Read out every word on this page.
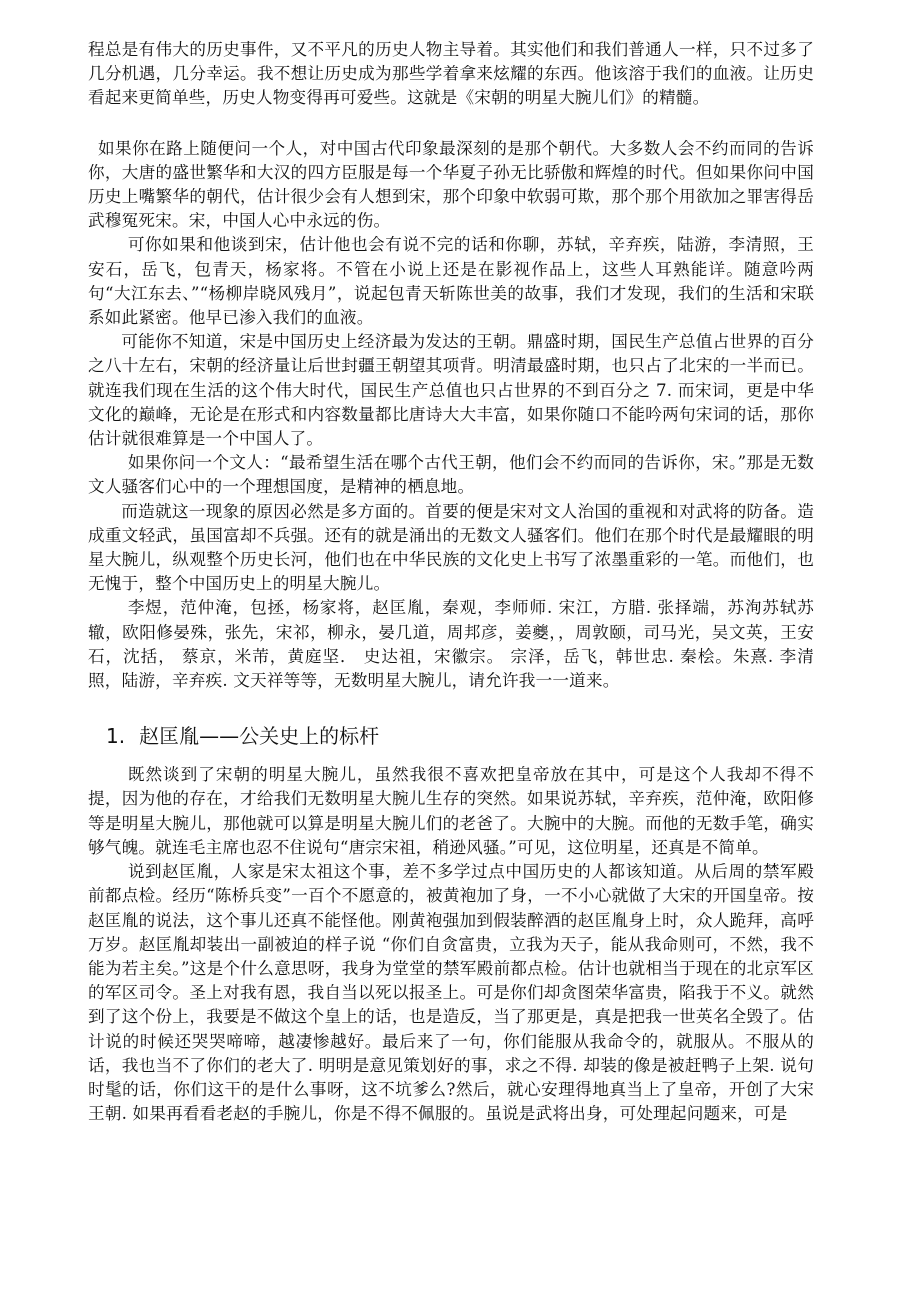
程总是有伟大的历史事件，又不平凡的历史人物主导着。其实他们和我们普通人一样，只不过多了几分机遇，几分幸运。我不想让历史成为那些学着拿来炫耀的东西。他该溶于我们的血液。让历史看起来更简单些，历史人物变得再可爱些。这就是《宋朝的明星大腕儿们》的精髓。

如果你在路上随便问一个人，对中国古代印象最深刻的是那个朝代。大多数人会不约而同的告诉你，大唐的盛世繁华和大汉的四方臣服是每一个华夏子孙无比骄傲和辉煌的时代。但如果你问中国历史上嘴繁华的朝代，估计很少会有人想到宋，那个印象中软弱可欺，那个那个用欲加之罪害得岳武穆冤死宋。宋，中国人心中永远的伤。

可你如果和他谈到宋，估计他也会有说不完的话和你聊，苏轼，辛弃疾，陆游，李清照，王安石，岳飞，包青天，杨家将。不管在小说上还是在影视作品上，这些人耳熟能详。随意吟两句“大江东去、”“杨柳岸晓风残月”，说起包青天斩陈世美的故事，我们才发现，我们的生活和宋联系如此紧密。他早已渗入我们的血液。

可能你不知道，宋是中国历史上经济最为发达的王朝。鼎盛时期，国民生产总值占世界的百分之八十左右，宋朝的经济量让后世封疆王朝望其项背。明清最盛时期，也只占了北宋的一半而已。就连我们现在生活的这个伟大时代，国民生产总值也只占世界的不到百分之 7. 而宋词，更是中华文化的巅峰，无论是在形式和内容数量都比唐诗大大丰富，如果你随口不能吟两句宋词的话，那你估计就很难算是一个中国人了。

如果你问一个文人：“最希望生活在哪个古代王朝，他们会不约而同的告诉你，宋。”那是无数文人骚客们心中的一个理想国度，是精神的栖息地。

而造就这一现象的原因必然是多方面的。首要的便是宋对文人治国的重视和对武将的防备。造成重文轻武，虽国富却不兵强。还有的就是涌出的无数文人骚客们。他们在那个时代是最耀眼的明星大腕儿，纵观整个历史长河，他们也在中华民族的文化史上书写了浓墨重彩的一笔。而他们，也无愧于，整个中国历史上的明星大腕儿。

李煜，范仲淹，包拯，杨家将，赵匡胤，秦观，李师师. 宋江，方腊. 张择端，苏洵苏轼苏辙，欧阳修晏殊，张先，宋祁，柳永，晏几道，周邦彦，姜夔，，周敦颐，司马光，吴文英，王安石，沈括， 蔡京，米芾，黄庭坚． 史达祖，宋徽宗。 宗泽，岳飞，韩世忠. 秦桧。朱熹. 李清照，陆游，辛弃疾. 文天祥等等，无数明星大腕儿，请允许我一一道来。

1. 赵匡胤——公关史上的标杆

既然谈到了宋朝的明星大腕儿，虽然我很不喜欢把皇帝放在其中，可是这个人我却不得不提，因为他的存在，才给我们无数明星大腕儿生存的突然。如果说苏轼，辛弃疾，范仲淹，欧阳修等是明星大腕儿，那他就可以算是明星大腕儿们的老爸了。大腕中的大腕。而他的无数手笔，确实够气魄。就连毛主席也忍不住说句“唐宗宋祖，稍逊风骚。”可见，这位明星，还真是不简单。

说到赵匡胤，人家是宋太祖这个事，差不多学过点中国历史的人都该知道。从后周的禁军殿前都点检。经历“陈桥兵变”一百个不愿意的，被黄袍加了身，一不小心就做了大宋的开国皇帝。按赵匡胤的说法，这个事儿还真不能怪他。刚黄袍强加到假装醉酒的赵匡胤身上时，众人跪拜，高呼万岁。赵匡胤却装出一副被迫的样子说 “你们自贪富贵，立我为天子，能从我命则可，不然，我不能为若主矣。”这是个什么意思呀，我身为堂堂的禁军殿前都点检。估计也就相当于现在的北京军区的军区司令。圣上对我有恩，我自当以死以报圣上。可是你们却贪图荣华富贵，陷我于不义。就然到了这个份上，我要是不做这个皇上的话，也是造反，当了那更是，真是把我一世英名全毁了。估计说的时候还哭哭啼啼，越凄惨越好。最后来了一句，你们能服从我命令的，就服从。不服从的话，我也当不了你们的老大了. 明明是意见策划好的事，求之不得. 却装的像是被赶鸭子上架. 说句时髦的话，你们这干的是什么事呀，这不坑爹么?然后，就心安理得地真当上了皇帝，开创了大宋王朝. 如果再看看老赵的手腕儿，你是不得不佩服的。虽说是武将出身，可处理起问题来，可是
